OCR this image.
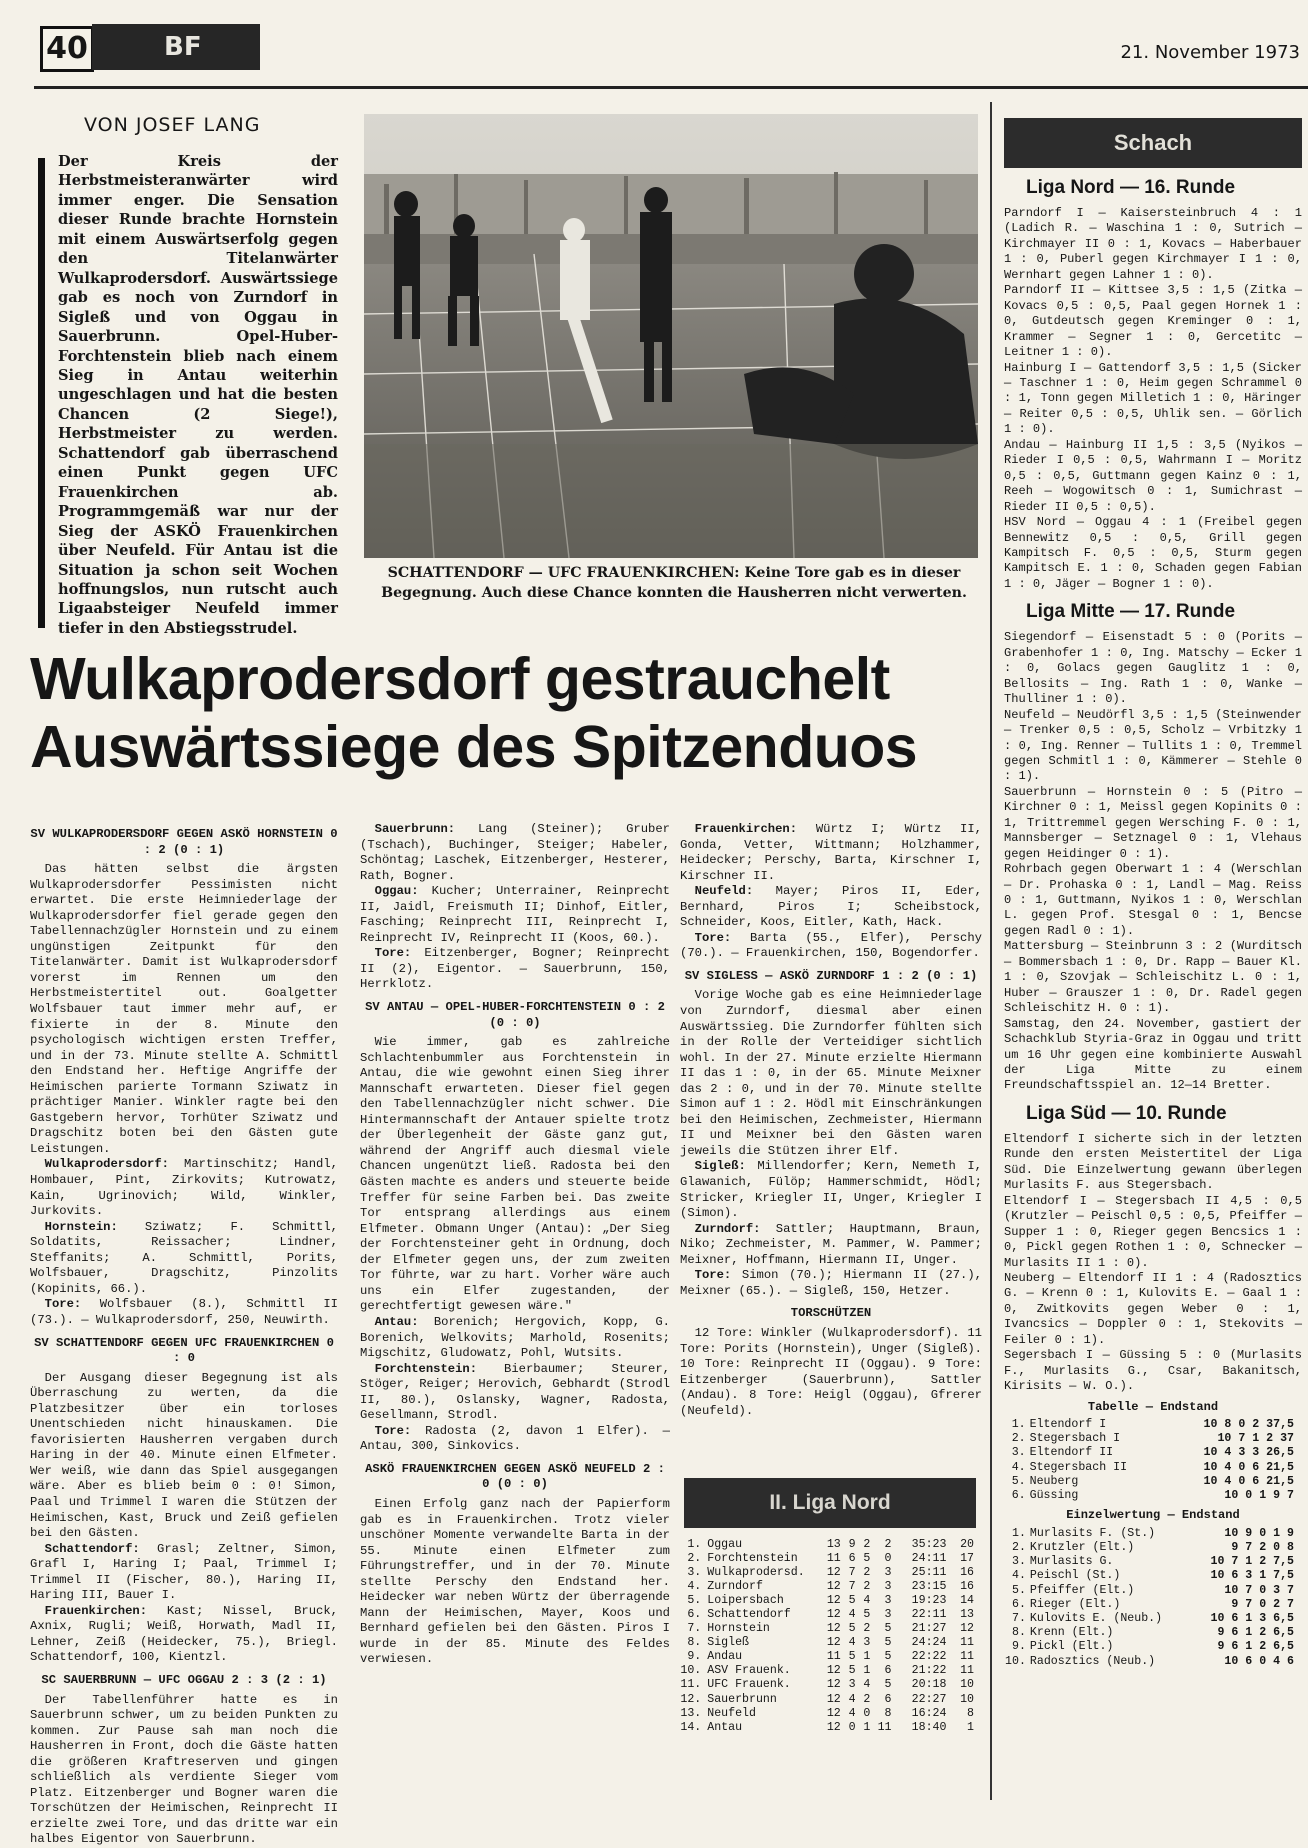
40	BF	21. November 1973
VON JOSEF LANG
Der Kreis der Herbstmeisteranwärter wird immer enger. Die Sensation dieser Runde brachte Hornstein mit einem Auswärtserfolg gegen den Titelanwärter Wulkaprodersdorf. Auswärtssiege gab es noch von Zurndorf in Sigleß und von Oggau in Sauerbrunn. Opel-Huber-Forchtenstein blieb nach einem Sieg in Antau weiterhin ungeschlagen und hat die besten Chancen (2 Siege!), Herbstmeister zu werden. Schattendorf gab überraschend einen Punkt gegen UFC Frauenkirchen ab. Programmgemäß war nur der Sieg der ASKÖ Frauenkirchen über Neufeld. Für Antau ist die Situation ja schon seit Wochen hoffnungslos, nun rutscht auch Ligaabsteiger Neufeld immer tiefer in den Abstiegsstrudel.
SCHATTENDORF — UFC FRAUENKIRCHEN: Keine Tore gab es in dieser Begegnung. Auch diese Chance konnten die Hausherren nicht verwerten.
Wulkaprodersdorf gestrauchelt
Auswärtssiege des Spitzenduos
SV WULKAPRODERSDORF GEGEN ASKÖ HORNSTEIN 0 : 2 (0 : 1)

Das hätten selbst die ärgsten Wulkaprodersdorfer Pessimisten nicht erwartet. Die erste Heimniederlage der Wulkaprodersdorfer fiel gerade gegen den Tabellennachzügler Hornstein und zu einem ungünstigen Zeitpunkt für den Titelanwärter. Damit ist Wulkaprodersdorf vorerst im Rennen um den Herbstmeistertitel out. Goalgetter Wolfsbauer taut immer mehr auf, er fixierte in der 8. Minute den psychologisch wichtigen ersten Treffer, und in der 73. Minute stellte A. Schmittl den Endstand her. Heftige Angriffe der Heimischen parierte Tormann Sziwatz in prächtiger Manier. Winkler ragte bei den Gastgebern hervor, Torhüter Sziwatz und Dragschitz boten bei den Gästen gute Leistungen.

Wulkaprodersdorf: Martinschitz; Handl, Hombauer, Pint, Zirkovits; Kutrowatz, Kain, Ugrinovich; Wild, Winkler, Jurkovits.

Hornstein: Sziwatz; F. Schmittl, Soldatits, Reissacher; Lindner, Steffanits; A. Schmittl, Porits, Wolfsbauer, Dragschitz, Pinzolits (Kopinits, 66.).

Tore: Wolfsbauer (8.), Schmittl II (73.). — Wulkaprodersdorf, 250, Neuwirth.

SV SCHATTENDORF GEGEN UFC FRAUENKIRCHEN 0 : 0

Der Ausgang dieser Begegnung ist als Überraschung zu werten, da die Platzbesitzer über ein torloses Unentschieden nicht hinauskamen. Die favorisierten Hausherren vergaben durch Haring in der 40. Minute einen Elfmeter. Wer weiß, wie dann das Spiel ausgegangen wäre. Aber es blieb beim 0 : 0! Simon, Paal und Trimmel I waren die Stützen der Heimischen, Kast, Bruck und Zeiß gefielen bei den Gästen.

Schattendorf: Grasl; Zeltner, Simon, Grafl I, Haring I; Paal, Trimmel I; Trimmel II (Fischer, 80.), Haring II, Haring III, Bauer I.

Frauenkirchen: Kast; Nissel, Bruck, Axnix, Rugli; Weiß, Horwath, Madl II, Lehner, Zeiß (Heidecker, 75.), Briegl. Schattendorf, 100, Kientzl.

SC SAUERBRUNN — UFC OGGAU 2 : 3 (2 : 1)

Der Tabellenführer hatte es in Sauerbrunn schwer, um zu beiden Punkten zu kommen. Zur Pause sah man noch die Hausherren in Front, doch die Gäste hatten die größeren Kraftreserven und gingen schließlich als verdiente Sieger vom Platz. Eitzenberger und Bogner waren die Torschützen der Heimischen, Reinprecht II erzielte zwei Tore, und das dritte war ein halbes Eigentor von Sauerbrunn.

Sauerbrunn: Lang (Steiner); Gruber (Tschach), Buchinger, Steiger; Habeler, Schöntag; Laschek, Eitzenberger, Hesterer, Rath, Bogner.

Oggau: Kucher; Unterrainer, Reinprecht II, Jaidl, Freismuth II; Dinhof, Eitler, Fasching; Reinprecht III, Reinprecht I, Reinprecht IV, Reinprecht II (Koos, 60.).

Tore: Eitzenberger, Bogner; Reinprecht II (2), Eigentor. — Sauerbrunn, 150, Herrklotz.

SV ANTAU — OPEL-HUBER-FORCHTENSTEIN 0 : 2 (0 : 0)

Wie immer, gab es zahlreiche Schlachtenbummler aus Forchtenstein in Antau, die wie gewohnt einen Sieg ihrer Mannschaft erwarteten. Dieser fiel gegen den Tabellennachzügler nicht schwer. Die Hintermannschaft der Antauer spielte trotz der Überlegenheit der Gäste ganz gut, während der Angriff auch diesmal viele Chancen ungenützt ließ. Radosta bei den Gästen machte es anders und steuerte beide Treffer für seine Farben bei. Das zweite Tor entsprang allerdings aus einem Elfmeter. Obmann Unger (Antau): „Der Sieg der Forchtensteiner geht in Ordnung, doch der Elfmeter gegen uns, der zum zweiten Tor führte, war zu hart. Vorher wäre auch uns ein Elfer zugestanden, der gerechtfertigt gewesen wäre."

Antau: Borenich; Hergovich, Kopp, G. Borenich, Welkovits; Marhold, Rosenits; Migschitz, Gludowatz, Pohl, Wutsits.

Forchtenstein: Bierbaumer; Steurer, Stöger, Reiger; Herovich, Gebhardt (Strodl II, 80.), Oslansky, Wagner, Radosta, Gesellmann, Strodl.

Tore: Radosta (2, davon 1 Elfer). — Antau, 300, Sinkovics.

ASKÖ FRAUENKIRCHEN GEGEN ASKÖ NEUFELD 2 : 0 (0 : 0)

Einen Erfolg ganz nach der Papierform gab es in Frauenkirchen. Trotz vieler unschöner Momente verwandelte Barta in der 55. Minute einen Elfmeter zum Führungstreffer, und in der 70. Minute stellte Perschy den Endstand her. Heidecker war neben Würtz der überragende Mann der Heimischen, Mayer, Koos und Bernhard gefielen bei den Gästen. Piros I wurde in der 85. Minute des Feldes verwiesen.

Frauenkirchen: Würtz I; Würtz II, Gonda, Vetter, Wittmann; Holzhammer, Heidecker; Perschy, Barta, Kirschner I, Kirschner II.

Neufeld: Mayer; Piros II, Eder, Bernhard, Piros I; Scheibstock, Schneider, Koos, Eitler, Kath, Hack.

Tore: Barta (55., Elfer), Perschy (70.). — Frauenkirchen, 150, Bogendorfer.

SV SIGLESS — ASKÖ ZURNDORF 1 : 2 (0 : 1)

Vorige Woche gab es eine Heimniederlage von Zurndorf, diesmal aber einen Auswärtssieg. Die Zurndorfer fühlten sich in der Rolle der Verteidiger sichtlich wohl. In der 27. Minute erzielte Hiermann II das 1 : 0, in der 65. Minute Meixner das 2 : 0, und in der 70. Minute stellte Simon auf 1 : 2. Hödl mit Einschränkungen bei den Heimischen, Zechmeister, Hiermann II und Meixner bei den Gästen waren jeweils die Stützen ihrer Elf.

Sigleß: Millendorfer; Kern, Nemeth I, Glawanich, Fülöp; Hammerschmidt, Hödl; Stricker, Kriegler II, Unger, Kriegler I (Simon).

Zurndorf: Sattler; Hauptmann, Braun, Niko; Zechmeister, M. Pammer, W. Pammer; Meixner, Hoffmann, Hiermann II, Unger.

Tore: Simon (70.); Hiermann II (27.), Meixner (65.). — Sigleß, 150, Hetzer.

TORSCHÜTZEN

12 Tore: Winkler (Wulkaprodersdorf). 11 Tore: Porits (Hornstein), Unger (Sigleß). 10 Tore: Reinprecht II (Oggau). 9 Tore: Eitzenberger (Sauerbrunn), Sattler (Andau). 8 Tore: Heigl (Oggau), Gfrerer (Neufeld).

II. Liga Nord
1.	Oggau	13	9	2	2	35:23	20
2.	Forchtenstein	11	6	5	0	24:11	17
3.	Wulkaprodersd.	12	7	2	3	25:11	16
4.	Zurndorf	12	7	2	3	23:15	16
5.	Loipersbach	12	5	4	3	19:23	14
6.	Schattendorf	12	4	5	3	22:11	13
7.	Hornstein	12	5	2	5	21:27	12
8.	Sigleß	12	4	3	5	24:24	11
9.	Andau	11	5	1	5	22:22	11
10.	ASV Frauenk.	12	5	1	6	21:22	11
11.	UFC Frauenk.	12	3	4	5	20:18	10
12.	Sauerbrunn	12	4	2	6	22:27	10
13.	Neufeld	12	4	0	8	16:24	8
14.	Antau	12	0	1	11	18:40	1
Schach

Liga Nord — 16. Runde

Parndorf I — Kaisersteinbruch 4 : 1 (Ladich R. — Waschina 1 : 0, Sutrich — Kirchmayer II 0 : 1, Kovacs — Haberbauer 1 : 0, Puberl gegen Kirchmayer I 1 : 0, Wernhart gegen Lahner 1 : 0).

Parndorf II — Kittsee 3,5 : 1,5 (Zitka — Kovacs 0,5 : 0,5, Paal gegen Hornek 1 : 0, Gutdeutsch gegen Kreminger 0 : 1, Krammer — Segner 1 : 0, Gercetitc — Leitner 1 : 0).

Hainburg I — Gattendorf 3,5 : 1,5 (Sicker — Taschner 1 : 0, Heim gegen Schrammel 0 : 1, Tonn gegen Milletich 1 : 0, Häringer — Reiter 0,5 : 0,5, Uhlik sen. — Görlich 1 : 0).

Andau — Hainburg II 1,5 : 3,5 (Nyikos — Rieder I 0,5 : 0,5, Wahrmann I — Moritz 0,5 : 0,5, Guttmann gegen Kainz 0 : 1, Reeh — Wogowitsch 0 : 1, Sumichrast — Rieder II 0,5 : 0,5).

HSV Nord — Oggau 4 : 1 (Freibel gegen Bennewitz 0,5 : 0,5, Grill gegen Kampitsch F. 0,5 : 0,5, Sturm gegen Kampitsch E. 1 : 0, Schaden gegen Fabian 1 : 0, Jäger — Bogner 1 : 0).

Liga Mitte — 17. Runde

Siegendorf — Eisenstadt 5 : 0 (Porits — Grabenhofer 1 : 0, Ing. Matschy — Ecker 1 : 0, Golacs gegen Gauglitz 1 : 0, Bellosits — Ing. Rath 1 : 0, Wanke — Thulliner 1 : 0).

Neufeld — Neudörfl 3,5 : 1,5 (Steinwender — Trenker 0,5 : 0,5, Scholz — Vrbitzky 1 : 0, Ing. Renner — Tullits 1 : 0, Tremmel gegen Schmitl 1 : 0, Kämmerer — Stehle 0 : 1).

Sauerbrunn — Hornstein 0 : 5 (Pitro — Kirchner 0 : 1, Meissl gegen Kopinits 0 : 1, Trittremmel gegen Wersching F. 0 : 1, Mannsberger — Setznagel 0 : 1, Vlehaus gegen Heidinger 0 : 1).

Rohrbach gegen Oberwart 1 : 4 (Werschlan — Dr. Prohaska 0 : 1, Landl — Mag. Reiss 0 : 1, Guttmann, Nyikos 1 : 0, Werschlan L. gegen Prof. Stesgal 0 : 1, Bencse gegen Radl 0 : 1).

Mattersburg — Steinbrunn 3 : 2 (Wurditsch — Bommersbach 1 : 0, Dr. Rapp — Bauer Kl. 1 : 0, Szovjak — Schleischitz L. 0 : 1, Huber — Grauszer 1 : 0, Dr. Radel gegen Schleischitz H. 0 : 1).

Samstag, den 24. November, gastiert der Schachklub Styria-Graz in Oggau und tritt um 16 Uhr gegen eine kombinierte Auswahl der Liga Mitte zu einem Freundschaftsspiel an. 12—14 Bretter.

Liga Süd — 10. Runde

Eltendorf I sicherte sich in der letzten Runde den ersten Meistertitel der Liga Süd. Die Einzelwertung gewann überlegen Murlasits F. aus Stegersbach.

Eltendorf I — Stegersbach II 4,5 : 0,5 (Krutzler — Peischl 0,5 : 0,5, Pfeiffer — Supper 1 : 0, Rieger gegen Bencsics 1 : 0, Pickl gegen Rothen 1 : 0, Schnecker — Murlasits II 1 : 0).

Neuberg — Eltendorf II 1 : 4 (Radosztics G. — Krenn 0 : 1, Kulovits E. — Gaal 1 : 0, Zwitkovits gegen Weber 0 : 1, Ivancsics — Doppler 0 : 1, Stekovits — Feiler 0 : 1).

Segersbach I — Güssing 5 : 0 (Murlasits F., Murlasits G., Csar, Bakanitsch, Kirisits — W. O.).

Tabelle — Endstand

1.	Eltendorf I	10 8 0 2 37,5
2.	Stegersbach I	10 7 1 2 37
3.	Eltendorf II	10 4 3 3 26,5
4.	Stegersbach II	10 4 0 6 21,5
5.	Neuberg	10 4 0 6 21,5
6.	Güssing	10 0 1 9 7

Einzelwertung — Endstand

1.	Murlasits F. (St.)	10 9 0 1 9
2.	Krutzler (Elt.)	9 7 2 0 8
3.	Murlasits G.	10 7 1 2 7,5
4.	Peischl (St.)	10 6 3 1 7,5
5.	Pfeiffer (Elt.)	10 7 0 3 7
6.	Rieger (Elt.)	9 7 0 2 7
7.	Kulovits E. (Neub.)	10 6 1 3 6,5
8.	Krenn (Elt.)	9 6 1 2 6,5
9.	Pickl (Elt.)	9 6 1 2 6,5
10.	Radosztics (Neub.)	10 6 0 4 6
